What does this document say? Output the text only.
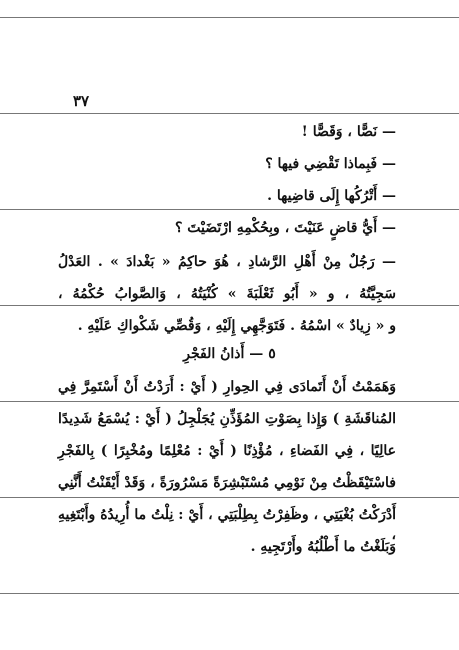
٣٧
— نَصًّا ، وَقَصًّا !
— فَبِماذا تَقْضِي فيها ؟
— أَتْرُكُها إِلَى قاضِيها .
— أَيُّ قاضٍ عَنَيْتَ ، وبِحُكْمِهِ ارْتَضَيْتَ ؟
— رَجُلٌ مِنْ أَهْلِ الرَّشادِ ، هُوَ حاكِمُ « بَغْدادَ » . العَدْلُ
سَجِيَّتُهُ ، و « أَبُو ثَعْلَبَةَ » كُنْيَتُهُ ، وَالصَّوابُ حُكْمُهُ ،
و « زِيادٌ » اسْمُهُ . فَتَوَجَّهِي إِلَيْهِ ، وَقُصِّي شَكْواكِ عَلَيْهِ .
٥ — أَذانُ الفَجْرِ
وَهَمَمْتُ أَنْ أَتَمادَى فِي الحِوارِ ( أَيْ : أَرَدْتُ أَنْ أَسْتَمِرَّ فِي
المُناقَشَةِ ) وَإِذا بِصَوْتِ المُؤَذِّنِ يُجَلْجِلُ ( أَيْ : يُسْمَعُ شَدِيدًا
عالِيًا ، فِي الفَضاءِ ، مُؤْذِنًا ( أَيْ : مُعْلِمًا ومُخْبِرًا ) بِالفَجْرِ
فاسْتَيْقَظْتُ مِنْ نَوْمِي مُسْتَبْشِرَةً مَسْرُورَةً ، وَقَدْ أَيْقَنْتُ أَنَّنِي
أَدْرَكْتُ بُغْيَتِي ، وظَفِرْتُ بِطِلْبَتِي ، أَيْ : نِلْتُ ما أُرِيدُهُ وأَبْتَغِيهِ ،
وَبَلَغْتُ ما أَطْلُبُهُ وأَرْتَجِيهِ .
